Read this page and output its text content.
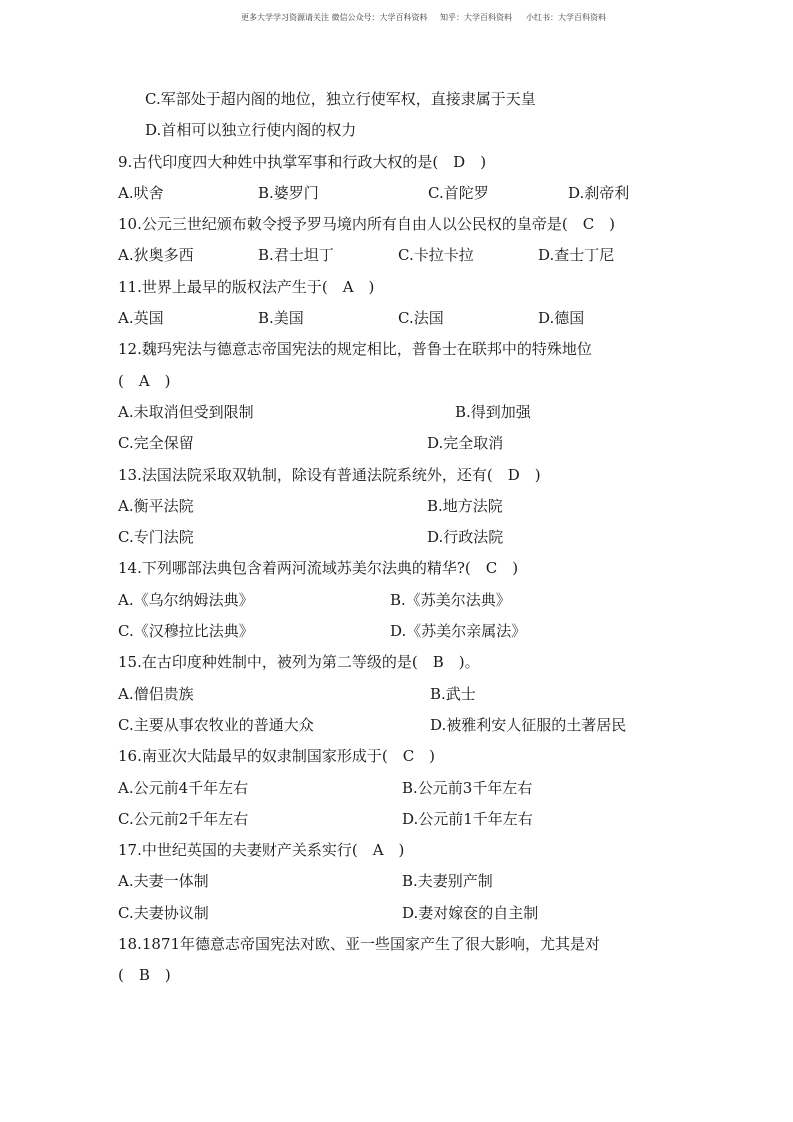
更多大学学习资源请关注 微信公众号：大学百科资料 知乎：大学百科资料 小红书：大学百科资料
C.军部处于超内阁的地位，独立行使军权，直接隶属于天皇
D.首相可以独立行使内阁的权力
9.古代印度四大种姓中执掌军事和行政大权的是(　D　)
A.吠舍	B.婆罗门	C.首陀罗	D.刹帝利
10.公元三世纪颁布敕令授予罗马境内所有自由人以公民权的皇帝是(　C　)
A.狄奥多西	B.君士坦丁	C.卡拉卡拉	D.查士丁尼
11.世界上最早的版权法产生于(　A　)
A.英国	B.美国	C.法国	D.德国
12.魏玛宪法与德意志帝国宪法的规定相比，普鲁士在联邦中的特殊地位
(　A　)
A.未取消但受到限制	B.得到加强
C.完全保留	D.完全取消
13.法国法院采取双轨制，除设有普通法院系统外，还有(　D　)
A.衡平法院	B.地方法院
C.专门法院	D.行政法院
14.下列哪部法典包含着两河流域苏美尔法典的精华?(　C　)
A.《乌尔纳姆法典》	B.《苏美尔法典》
C.《汉穆拉比法典》	D.《苏美尔亲属法》
15.在古印度种姓制中，被列为第二等级的是(　B　)。
A.僧侣贵族	B.武士
C.主要从事农牧业的普通大众	D.被雅利安人征服的土著居民
16.南亚次大陆最早的奴隶制国家形成于(　C　)
A.公元前4千年左右	B.公元前3千年左右
C.公元前2千年左右	D.公元前1千年左右
17.中世纪英国的夫妻财产关系实行(　A　)
A.夫妻一体制	B.夫妻别产制
C.夫妻协议制	D.妻对嫁奁的自主制
18.1871年德意志帝国宪法对欧、亚一些国家产生了很大影响，尤其是对
(　B　)
